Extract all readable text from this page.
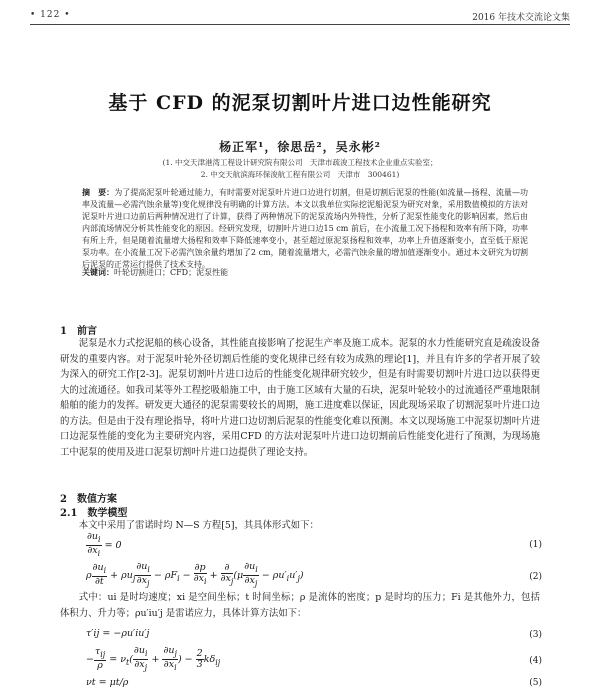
• 122 •	2016 年技术交流论文集
基于 CFD 的泥泵切割叶片进口边性能研究
杨正军¹，徐思岳²，吴永彬²
(1. 中交天津港湾工程设计研究院有限公司　天津市疏浚工程技术企业重点实验室；
2. 中交天航滨海环保浚航工程有限公司　天津市　300461)
摘　要：为了提高泥泵叶轮通过能力，有时需要对泥泵叶片进口边进行切割，但是切割后泥泵的性能(如流量—扬程、流量—功率及流量—必需汽蚀余量等)变化规律没有明确的计算方法。本文以我单位实际挖泥船泥泵为研究对象，采用数值模拟的方法对泥泵叶片进口边前后两种情况进行了计算，获得了两种情况下的泥泵流场内外特性，分析了泥泵性能变化的影响因素，然后由内部流场情况分析其性能变化的原因。经研究发现，切割叶片进口边15 cm 前后，在小流量工况下扬程和效率有所下降，功率有所上升，但是随着流量增大扬程和效率下降低速率变小，甚至超过原泥泵扬程和效率，功率上升值逐渐变小，直至低于原泥泵功率。在小流量工况下必需汽蚀余量约增加了2 cm，随着流量增大，必需汽蚀余量的增加值逐渐变小。通过本文研究为切割后泥泵的正常运行提供了技术支持。
关键词：叶轮切割进口；CFD；泥泵性能
1　前言
泥泵是水力式挖泥船的核心设备，其性能直接影响了挖泥生产率及施工成本。泥泵的水力性能研究直是疏浚设备研发的重要内容。对于泥泵叶轮外径切割后性能的变化规律已经有较为成熟的理论[1]，并且有许多的学者开展了较为深入的研究工作[2-3]。泥泵切割叶片进口边后的性能变化规律研究较少，但是有时需要切割叶片进口边以获得更大的过流通径。如我司某等外工程挖吸船施工中，由于施工区域有大量的石块，泥泵叶轮较小的过流通径严重地限制船舶的能力的发挥。研发更大通径的泥泵需要较长的周期，施工进度难以保证，因此现场采取了切割泥泵叶片进口边的方法。但是由于没有理论指导，将叶片进口边切割后泥泵的性能变化难以预测。本文以现场施工中泥泵切割叶片进口边泥泵性能的变化为主要研究内容，采用CFD 的方法对泥泵叶片进口边切割前后性能变化进行了预测，为现场施工中泥泵的使用及进口泥泵切割叶片进口边提供了理论支持。
2　数值方案
2.1　数学模型
本文中采用了雷诺时均 N—S 方程[5]，其具体形式如下：
$\frac{\partial u_i}{\partial x_i} = 0$	(1)
ρ $\frac{\partial u_i}{\partial t} + \rho u_j \frac{\partial u_i}{\partial x_j} - \rho F_i - \frac{\partial p}{\partial x_i} + \frac{\partial}{\partial x_j} (\mu \frac{\partial u_i}{\partial x_j} - \rho u'_iu'_j)$	(2)
式中：ui 是时均速度；xi 是空间坐标；t 时间坐标；ρ 是流体的密度；p 是时均的压力；Fi 是其他外力，包括体积力、升力等；ρu′iu′j 是雷诺应力，具体计算方法如下：
τ′ij = −ρu′iu′j	(3)
− $\frac{\tau_{ij}}{\rho} = \nu_t( \frac{\partial u_i}{\partial x_j} + \frac{\partial u_j}{\partial x_i}$ ) − $\frac{2}{3} k\delta_{ij}$	(4)
νt = μt/ρ	(5)
